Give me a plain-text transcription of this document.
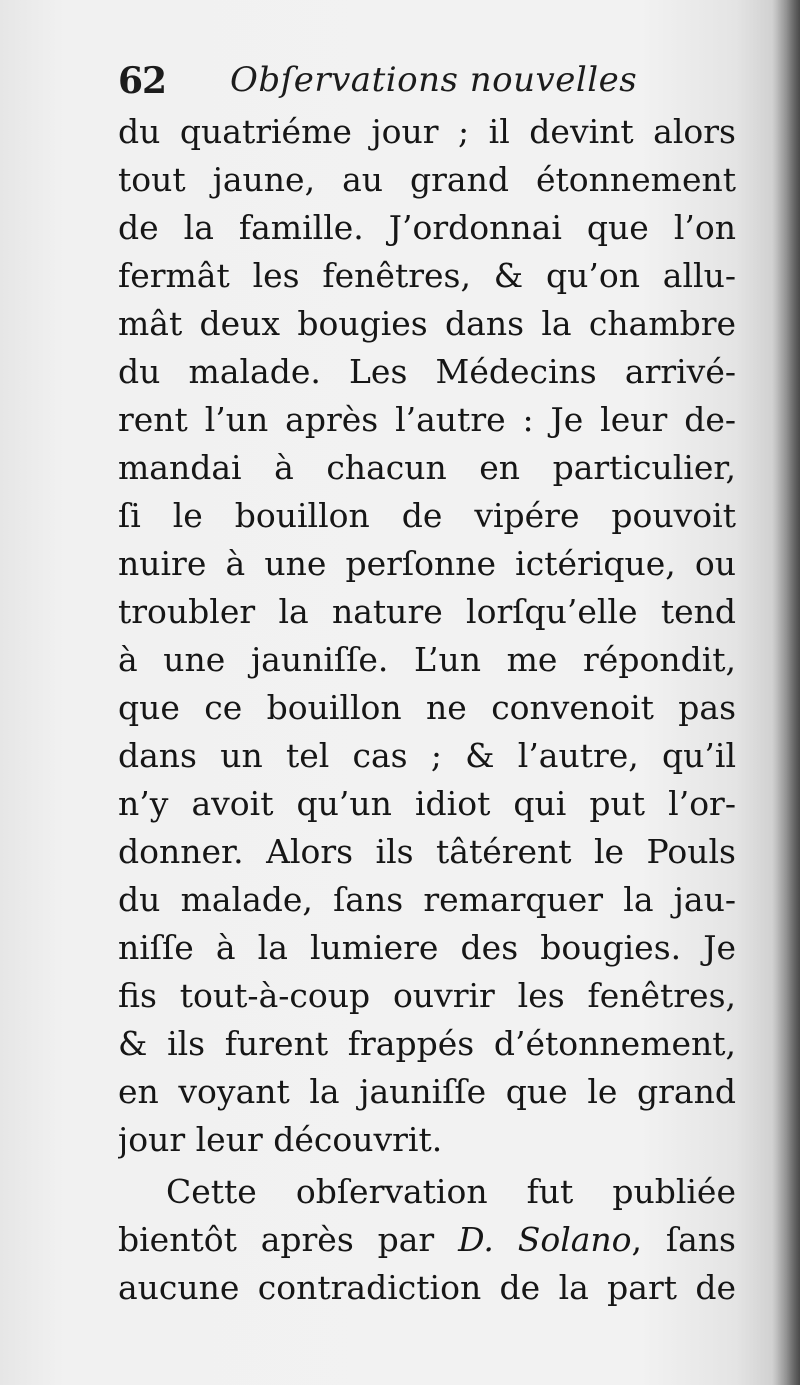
62 Obſervations nouvelles
du quatriéme jour ; il devint alors
tout jaune, au grand étonnement
de la famille. J’ordonnai que l’on
fermât les fenêtres, & qu’on allu-
mât deux bougies dans la chambre
du malade. Les Médecins arrivé-
rent l’un après l’autre : Je leur de-
mandai à chacun en particulier,
ſi le bouillon de vipére pouvoit
nuire à une perſonne ictérique, ou
troubler la nature lorſqu’elle tend
à une jauniſſe. L’un me répondit,
que ce bouillon ne convenoit pas
dans un tel cas ; & l’autre, qu’il
n’y avoit qu’un idiot qui put l’or-
donner. Alors ils tâtérent le Pouls
du malade, ſans remarquer la jau-
niſſe à la lumiere des bougies. Je
fis tout-à-coup ouvrir les fenêtres,
& ils furent frappés d’étonnement,
en voyant la jauniſſe que le grand
jour leur découvrit.
Cette obſervation fut publiée
bientôt après par D. Solano, ſans
aucune contradiction de la part de
